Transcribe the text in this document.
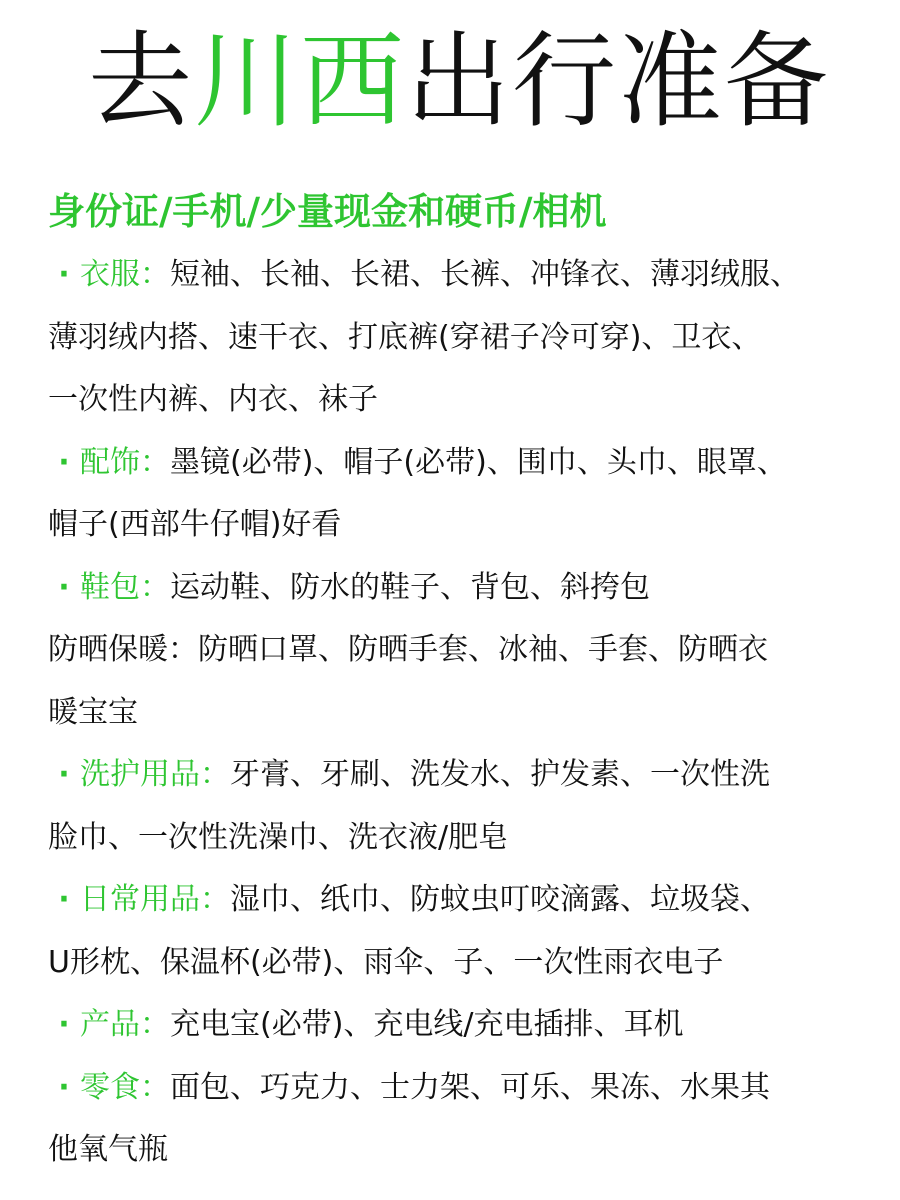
去川西出行准备
身份证/手机/少量现金和硬币/相机
· 衣服：短袖、长袖、长裙、长裤、冲锋衣、薄羽绒服、
薄羽绒内搭、速干衣、打底裤(穿裙子冷可穿)、卫衣、
一次性内裤、内衣、袜子
· 配饰：墨镜(必带)、帽子(必带)、围巾、头巾、眼罩、
帽子(西部牛仔帽)好看
· 鞋包：运动鞋、防水的鞋子、背包、斜挎包
防晒保暖：防晒口罩、防晒手套、冰袖、手套、防晒衣
暖宝宝
· 洗护用品：牙膏、牙刷、洗发水、护发素、一次性洗
脸巾、一次性洗澡巾、洗衣液/肥皂
· 日常用品：湿巾、纸巾、防蚊虫叮咬滴露、垃圾袋、
U形枕、保温杯(必带)、雨伞、子、一次性雨衣电子
· 产品：充电宝(必带)、充电线/充电插排、耳机
· 零食：面包、巧克力、士力架、可乐、果冻、水果其
他氧气瓶
